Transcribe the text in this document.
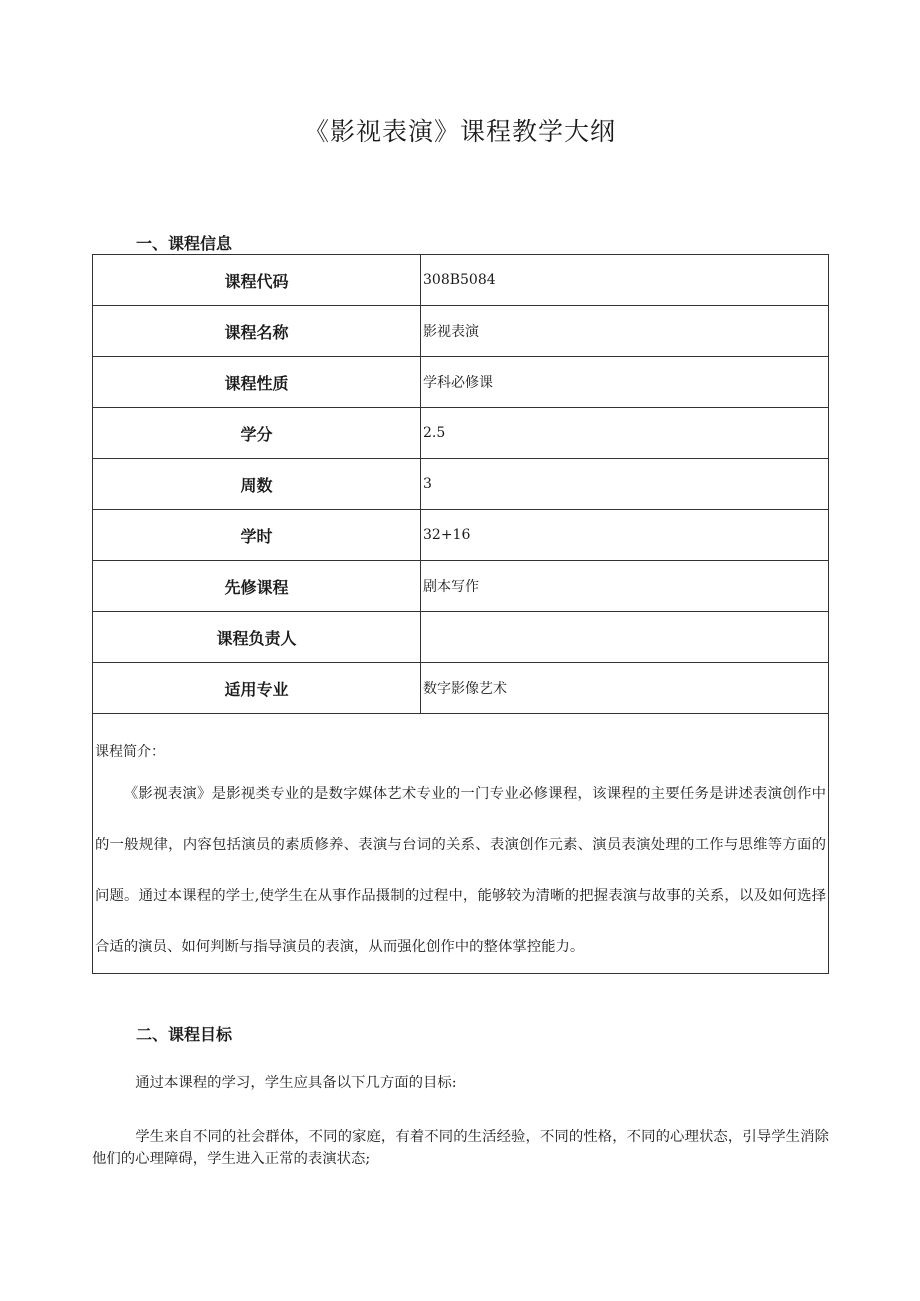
《影视表演》课程教学大纲
一、课程信息
课程代码	308B5084
课程名称	影视表演
课程性质	学科必修课
学分	2.5
周数	3
学时	32+16
先修课程	剧本写作
课程负责人	
适用专业	数字影像艺术

课程简介：
《影视表演》是影视类专业的是数字媒体艺术专业的一门专业必修课程，该课程的主要任务是讲述表演创作中的一般规律，内容包括演员的素质修养、表演与台词的关系、表演创作元素、演员表演处理的工作与思维等方面的问题。通过本课程的学士,使学生在从事作品摄制的过程中，能够较为清晰的把握表演与故事的关系，以及如何选择合适的演员、如何判断与指导演员的表演，从而强化创作中的整体掌控能力。	
二、课程目标
通过本课程的学习，学生应具备以下几方面的目标:
学生来自不同的社会群体，不同的家庭，有着不同的生活经验，不同的性格，不同的心理状态，引导学生消除他们的心理障碍，学生进入正常的表演状态;
